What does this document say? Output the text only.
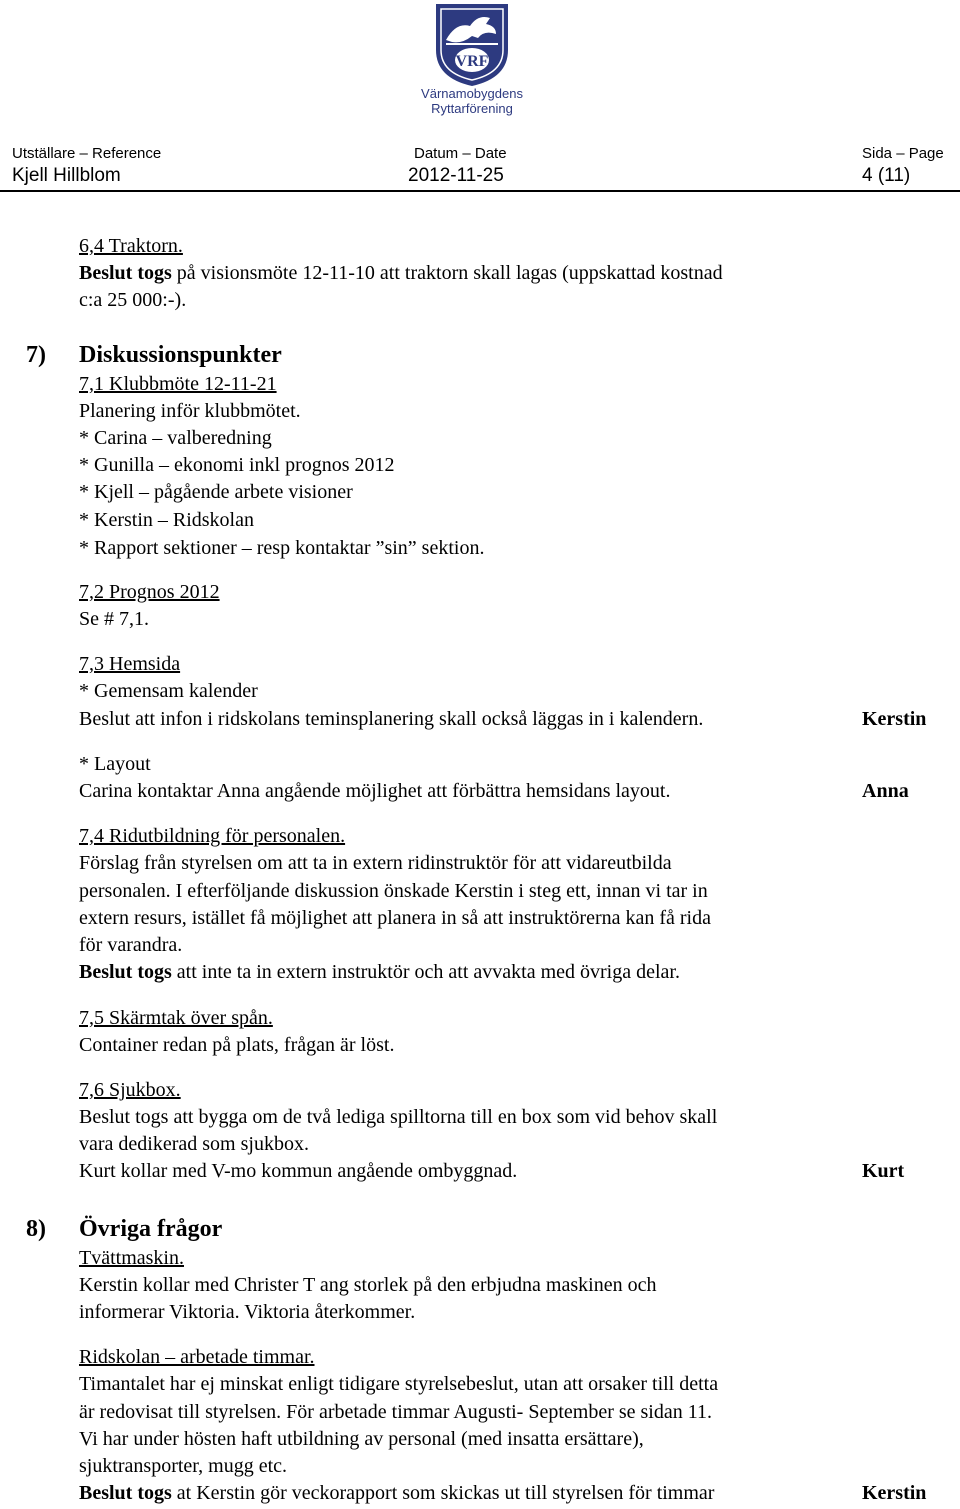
VRF
Värnamobygdens
Ryttarförening
Utställare – Reference
Kjell Hillblom
Datum – Date
2012-11-25
Sida – Page
4 (11)
6,4 Traktorn.
Beslut togs på visionsmöte 12-11-10 att traktorn skall lagas (uppskattad kostnad
c:a 25 000:-).
7) Diskussionspunkter
7,1 Klubbmöte 12-11-21
Planering inför klubbmötet.
* Carina – valberedning
* Gunilla – ekonomi inkl prognos 2012
* Kjell – pågående arbete visioner
* Kerstin – Ridskolan
* Rapport sektioner – resp kontaktar ”sin” sektion.
7,2 Prognos 2012
Se # 7,1.
7,3 Hemsida
* Gemensam kalender
Beslut att infon i ridskolans teminsplanering skall också läggas in i kalendern.	Kerstin
* Layout
Carina kontaktar Anna angående möjlighet att förbättra hemsidans layout.	Anna
7,4 Ridutbildning för personalen.
Förslag från styrelsen om att ta in extern ridinstruktör för att vidareutbilda
personalen. I efterföljande diskussion önskade Kerstin i steg ett, innan vi tar in
extern resurs, istället få möjlighet att planera in så att instruktörerna kan få rida
för varandra.
Beslut togs att inte ta in extern instruktör och att avvakta med övriga delar.
7,5 Skärmtak över spån.
Container redan på plats, frågan är löst.
7,6 Sjukbox.
Beslut togs att bygga om de två lediga spilltorna till en box som vid behov skall
vara dedikerad som sjukbox.
Kurt kollar med V-mo kommun angående ombyggnad.	Kurt
8) Övriga frågor
Tvättmaskin.
Kerstin kollar med Christer T ang storlek på den erbjudna maskinen och
informerar Viktoria. Viktoria återkommer.
Ridskolan – arbetade timmar.
Timantalet har ej minskat enligt tidigare styrelsebeslut, utan att orsaker till detta
är redovisat till styrelsen. För arbetade timmar Augusti- September se sidan 11.
Vi har under hösten haft utbildning av personal (med insatta ersättare),
sjuktransporter, mugg etc.
Beslut togs at Kerstin gör veckorapport som skickas ut till styrelsen för timmar	Kerstin
